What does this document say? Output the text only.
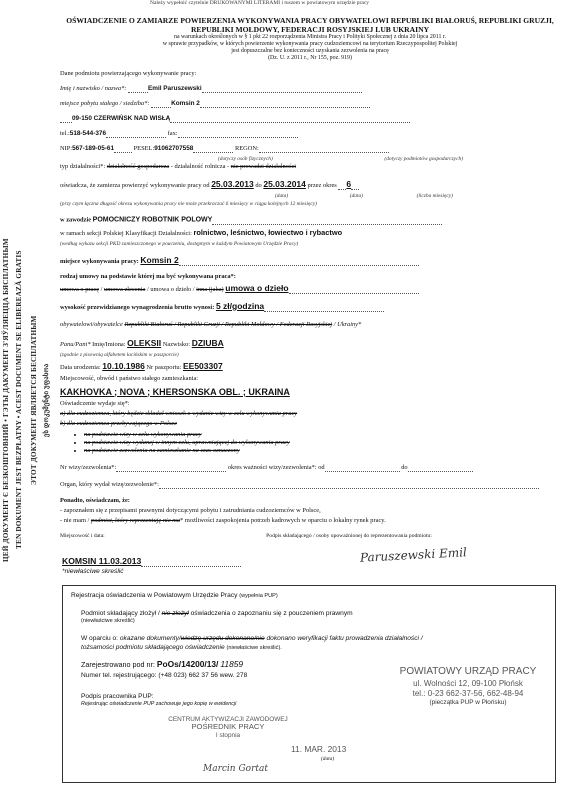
Należy wypełnić czytelnie DRUKOWANYMI LITERAMI i tuszem w powiatowym urzędzie pracy
ЦЕЙ ДОКУМЕНТ Є БЕЗКОШТОВНИЙ • ГЭТЫ ДАКУМЕНТ З'ЯЎЛЯЕЦЦА БЯСПЛАТНЫМ TEN DOKUMENT JEST BEZPŁATNY • ACEST DOCUMENT SE ELIBEREAZĂ GRATIS ЭТОТ ДОКУМЕНТ ЯВЛЯЕТСЯ БЕСПЛАТНЫМ ეს დოკუმენტი უფასოა
OŚWIADCZENIE O ZAMIARZE POWIERZENIA WYKONYWANIA PRACY OBYWATELOWI REPUBLIKI BIAŁORUŚ, REPUBLIKI GRUZJI, REPUBLIKI MOŁDOWY, FEDERACJI ROSYJSKIEJ LUB UKRAINY
na warunkach określonych w § 1 pkt 22 rozporządzenia Ministra Pracy i Polityki Społecznej z dnia 20 lipca 2011 r.
w sprawie przypadków, w których powierzenie wykonywania pracy cudzoziemcowi na terytorium Rzeczypospolitej Polskiej
jest dopuszczalne bez konieczności uzyskania zezwolenia na pracę
(Dz. U. z 2011 r., Nr 155, poz. 919)
Dane podmiotu powierzającego wykonywanie pracy:
Imię i nazwisko / nazwa*:	Emil Paruszewski
miejsce pobytu stałego / siedziba*:	Komsin 2
09-150 CZERWIŃSK NAD WISŁĄ
tel.:518-544-376	fax:
NIP:567-189-05-61	PESEL:91062707558	REGON:
(dotyczy osób fizycznych)	(dotyczy podmiotów gospodarczych)
typ działalności*: działalność gospodarcza - działalność rolnicza - nie prowadzi działalności
oświadcza, że zamierza powierzyć wykonywanie pracy od 25.03.2013 do 25.03.2014 przez okres 6
(data)	(data)	(liczba miesięcy)
(przy czym łączna długość okresu wykonywania pracy nie może przekraczać 6 miesięcy w ciągu kolejnych 12 miesięcy)
w zawodzie POMOCNICZY ROBOTNIK POLOWY
w ramach sekcji Polskiej Klasyfikacji Działalności: rolnictwo, leśnictwo, łowiectwo i rybactwo
(według wykazu sekcji PKD zamieszczonego w pouczeniu, dostępnym w każdym Powiatowym Urzędzie Pracy)
miejsce wykonywania pracy: Komsin 2
rodzaj umowy na podstawie której ma być wykonywana praca*:
umowa o pracę / umowa zlecenia / umowa o dzieło / inna (jaka) umowa o dzieło
wysokość przewidzianego wynagrodzenia brutto wynosi: 5 zł/godzina
obywatelowi/obywatelce Republiki Białoruś / Republiki Gruzji / Republiki Mołdowy / Federacji Rosyjskiej / Ukrainy*
Panu/Pani* Imię/Imiona: OLEKSII Nazwisko: DZIUBA
(zgodnie z pisownią alfabetem łacińskim w paszporcie)
Data urodzenia: 10.10.1986 Nr paszportu: EE503307
Miejscowość, obwód i państwo stałego zamieszkania:
KAKHOVKA ; NOVA ; KHERSONSKA OBL. ; UKRAINA
Oświadczenie wydaje się*:
a) dla cudzoziemca, który będzie składał wniosek o wydanie wizy w celu wykonywania pracy
b) dla cudzoziemca przebywającego w Polsce
• na podstawie wizy w celu wykonywania pracy
• na podstawie wizy wydanej w innym celu, uprawniającej do wykonywania pracy
• na podstawie zezwolenia na zamieszkanie na czas oznaczony
Nr wizy/zezwolenia*:	okres ważności wizy/zezwolenia*: od	do
Organ, który wydał wizę/zezwolenie*:
Ponadto, oświadczam, że:
- zapoznałem się z przepisami prawnymi dotyczącymi pobytu i zatrudniania cudzoziemców w Polsce,
- nie mam / podmiot, który reprezentuję nie ma* możliwości zaspokojenia potrzeb kadrowych w oparciu o lokalny rynek pracy.
Miejscowość i data:	Podpis składającego / osoby upoważnionej do reprezentowania podmiotu:
KOMSIN 11.03.2013
*niewłaściwe skreślić
Paruszewski Emil
Rejestracja oświadczenia w Powiatowym Urzędzie Pracy (wypełnia PUP)
Podmiot składający złożył / nie złożył oświadczenia o zapoznaniu się z pouczeniem prawnym
(niewłaściwe skreślić)
W oparciu o: okazane dokumenty/wiedzę urzędu dokonano/nie dokonano weryfikacji faktu prowadzenia działalności /
tożsamości podmiotu składającego oświadczenie (niewłaściwe skreślić).
Zarejestrowano pod nr: PoOs/14200/13/ 11859
Numer tel. rejestrującego: (+48 023) 662 37 56 wew. 278
Podpis pracownika PUP:
Rejestrując oświadczenie PUP zachowuje jego kopię w ewidencji
POWIATOWY URZĄD PRACY
ul. Wolności 12, 09-100 Płońsk
tel.: 0-23 662-37-56, 662-48-94
(pieczątka PUP w Płońsku)
11. MAR. 2013
(data)
CENTRUM AKTYWIZACJI ZAWODOWEJ
POŚREDNIK PRACY
I stopnia
Marcin Gortat
